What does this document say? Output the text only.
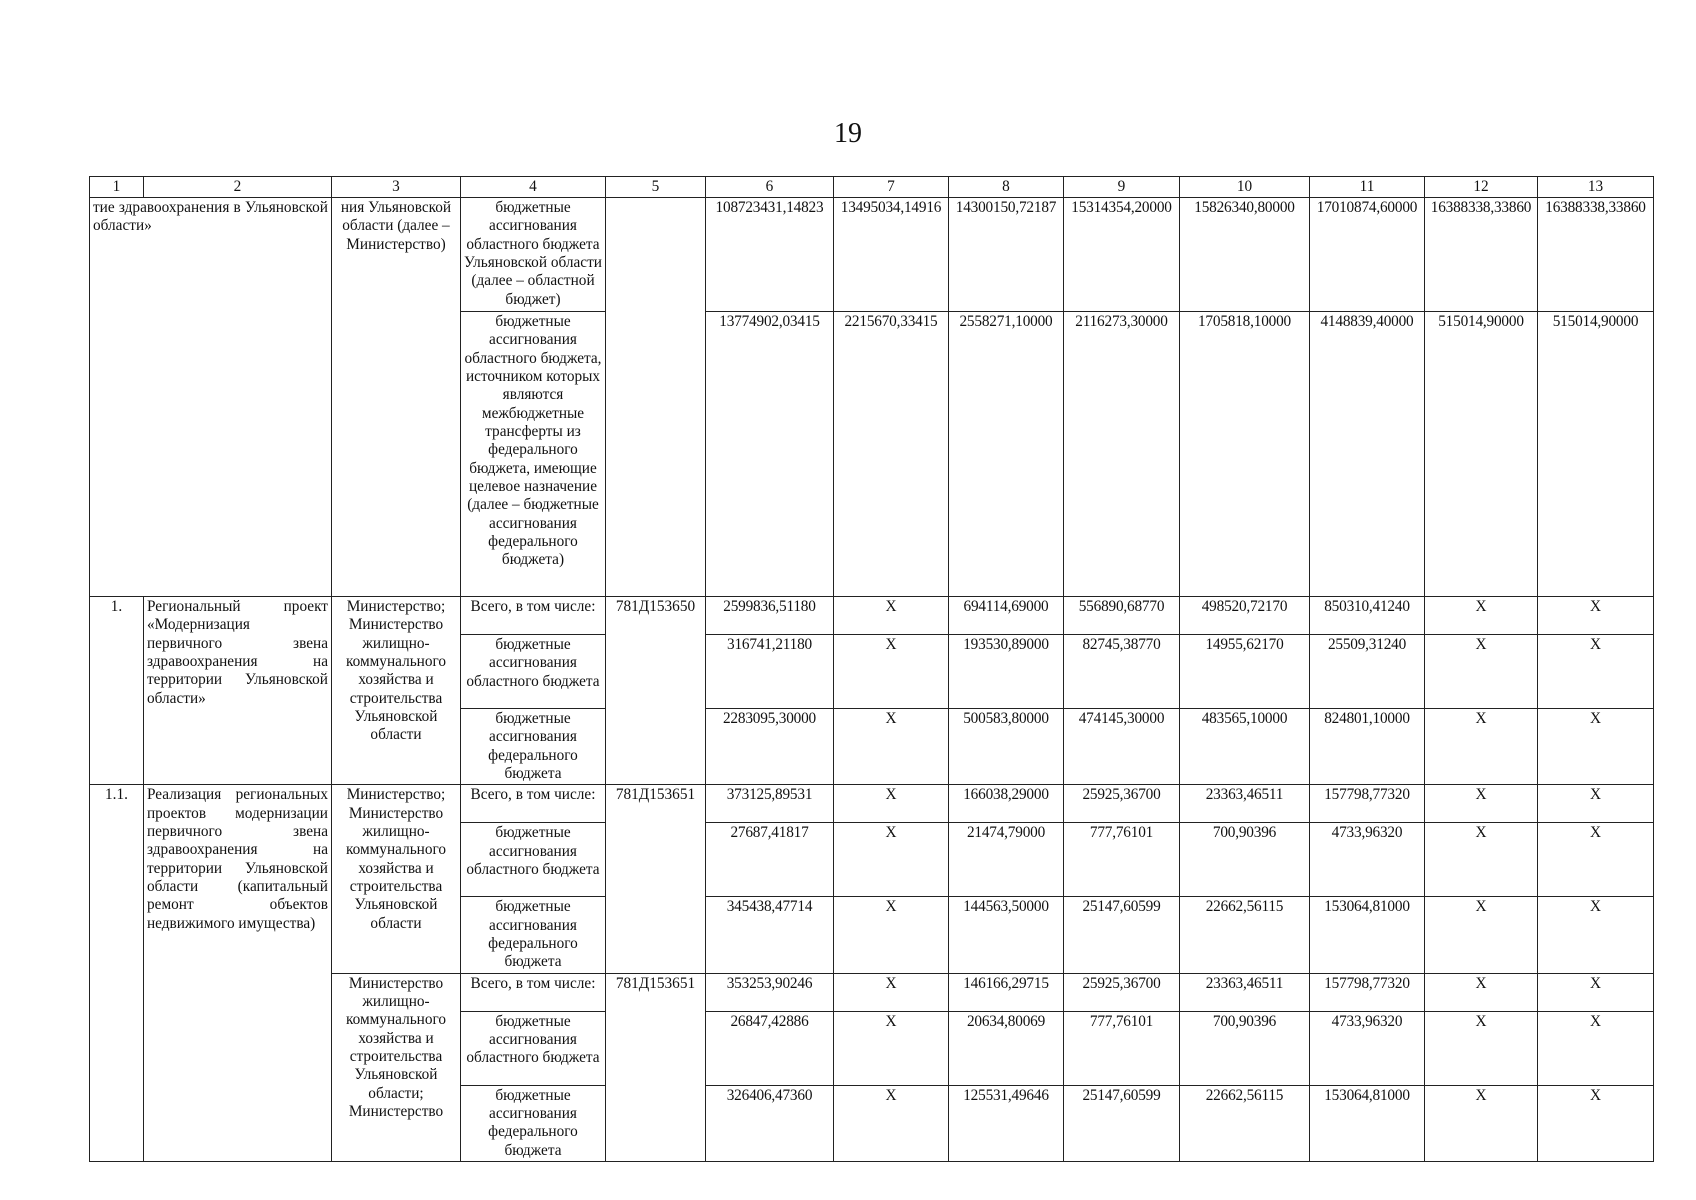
19
1	2	3	4	5	6	7	8	9	10	11	12	13
тие здравоохранения в Ульяновской области»		ния Ульяновской области (далее – Министерство)	бюджетные ассигнования областного бюджета Ульяновской области (далее – областной бюджет)		108723431,14823	13495034,14916	14300150,72187	15314354,20000	15826340,80000	17010874,60000	16388338,33860	16388338,33860
			бюджетные ассигнования областного бюджета, источником которых являются межбюджетные трансферты из федерального бюджета, имеющие целевое назначение (далее – бюджетные ассигнования федерального бюджета)		13774902,03415	2215670,33415	2558271,10000	2116273,30000	1705818,10000	4148839,40000	515014,90000	515014,90000
1.	Региональный проект «Модернизация первичного звена здравоохранения на территории Ульяновской области»	Министерство; Министерство жилищно-коммунального хозяйства и строительства Ульяновской области	Всего, в том числе:	781Д153650	2599836,51180	X	694114,69000	556890,68770	498520,72170	850310,41240	X	X
			бюджетные ассигнования областного бюджета		316741,21180	X	193530,89000	82745,38770	14955,62170	25509,31240	X	X
			бюджетные ассигнования федерального бюджета		2283095,30000	X	500583,80000	474145,30000	483565,10000	824801,10000	X	X
1.1.	Реализация региональных проектов модернизации первичного звена здравоохранения на территории Ульяновской области (капитальный ремонт объектов недвижимого имущества)	Министерство; Министерство жилищно-коммунального хозяйства и строительства Ульяновской области	Всего, в том числе:	781Д153651	373125,89531	X	166038,29000	25925,36700	23363,46511	157798,77320	X	X
			бюджетные ассигнования областного бюджета		27687,41817	X	21474,79000	777,76101	700,90396	4733,96320	X	X
			бюджетные ассигнования федерального бюджета		345438,47714	X	144563,50000	25147,60599	22662,56115	153064,81000	X	X
		Министерство жилищно-коммунального хозяйства и строительства Ульяновской области; Министерство	Всего, в том числе:	781Д153651	353253,90246	X	146166,29715	25925,36700	23363,46511	157798,77320	X	X
			бюджетные ассигнования областного бюджета		26847,42886	X	20634,80069	777,76101	700,90396	4733,96320	X	X
			бюджетные ассигнования федерального бюджета		326406,47360	X	125531,49646	25147,60599	22662,56115	153064,81000	X	X
